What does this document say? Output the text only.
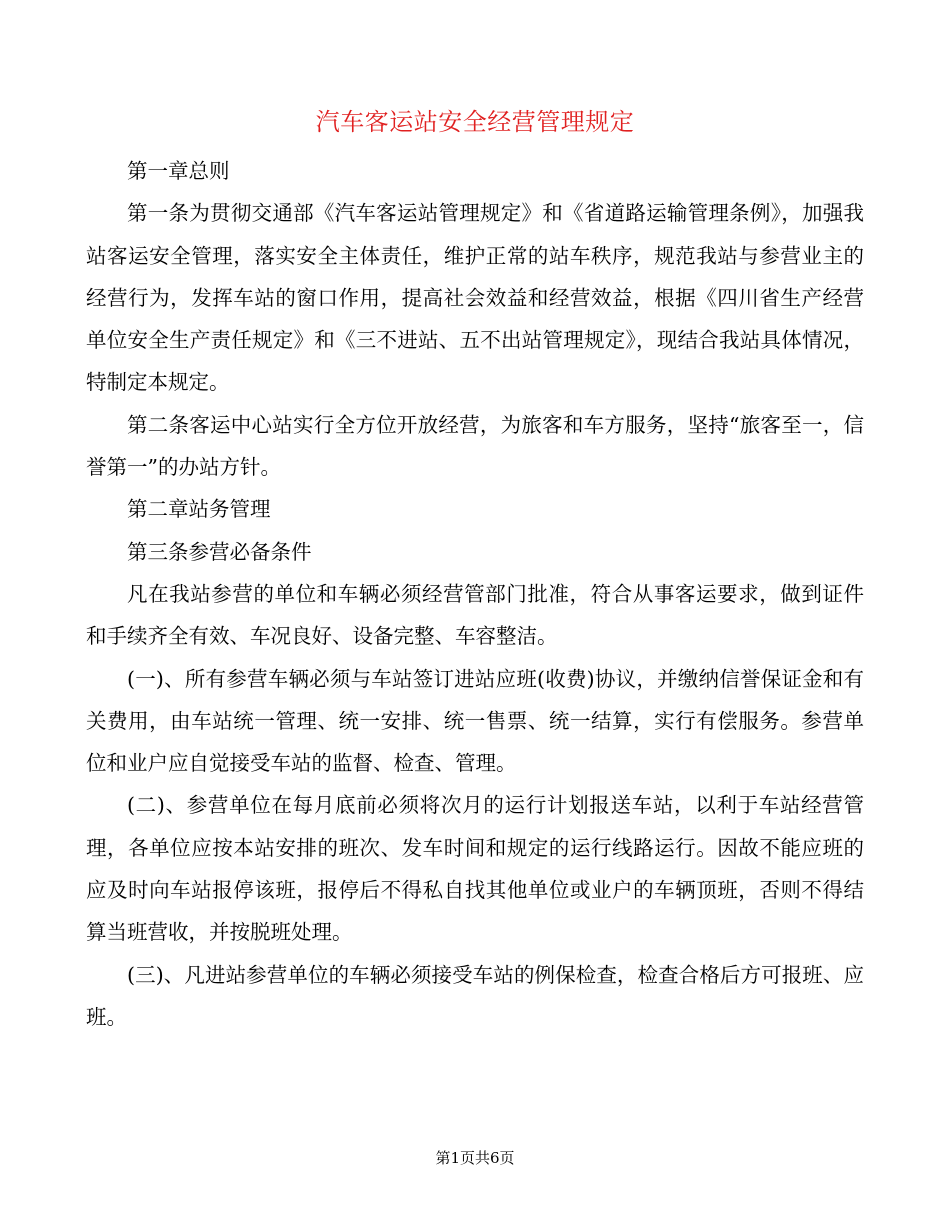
汽车客运站安全经营管理规定

第一章总则

第一条为贯彻交通部《汽车客运站管理规定》和《省道路运输管理条例》，加强我站客运安全管理，落实安全主体责任，维护正常的站车秩序，规范我站与参营业主的经营行为，发挥车站的窗口作用，提高社会效益和经营效益，根据《四川省生产经营单位安全生产责任规定》和《三不进站、五不出站管理规定》，现结合我站具体情况，特制定本规定。

第二条客运中心站实行全方位开放经营，为旅客和车方服务，坚持“旅客至一，信誉第一”的办站方针。

第二章站务管理

第三条参营必备条件

凡在我站参营的单位和车辆必须经营管部门批准，符合从事客运要求，做到证件和手续齐全有效、车况良好、设备完整、车容整洁。

(一)、所有参营车辆必须与车站签订进站应班(收费)协议，并缴纳信誉保证金和有关费用，由车站统一管理、统一安排、统一售票、统一结算，实行有偿服务。参营单位和业户应自觉接受车站的监督、检查、管理。

(二)、参营单位在每月底前必须将次月的运行计划报送车站，以利于车站经营管理，各单位应按本站安排的班次、发车时间和规定的运行线路运行。因故不能应班的应及时向车站报停该班，报停后不得私自找其他单位或业户的车辆顶班，否则不得结算当班营收，并按脱班处理。

(三)、凡进站参营单位的车辆必须接受车站的例保检查，检查合格后方可报班、应班。

第1页共6页
